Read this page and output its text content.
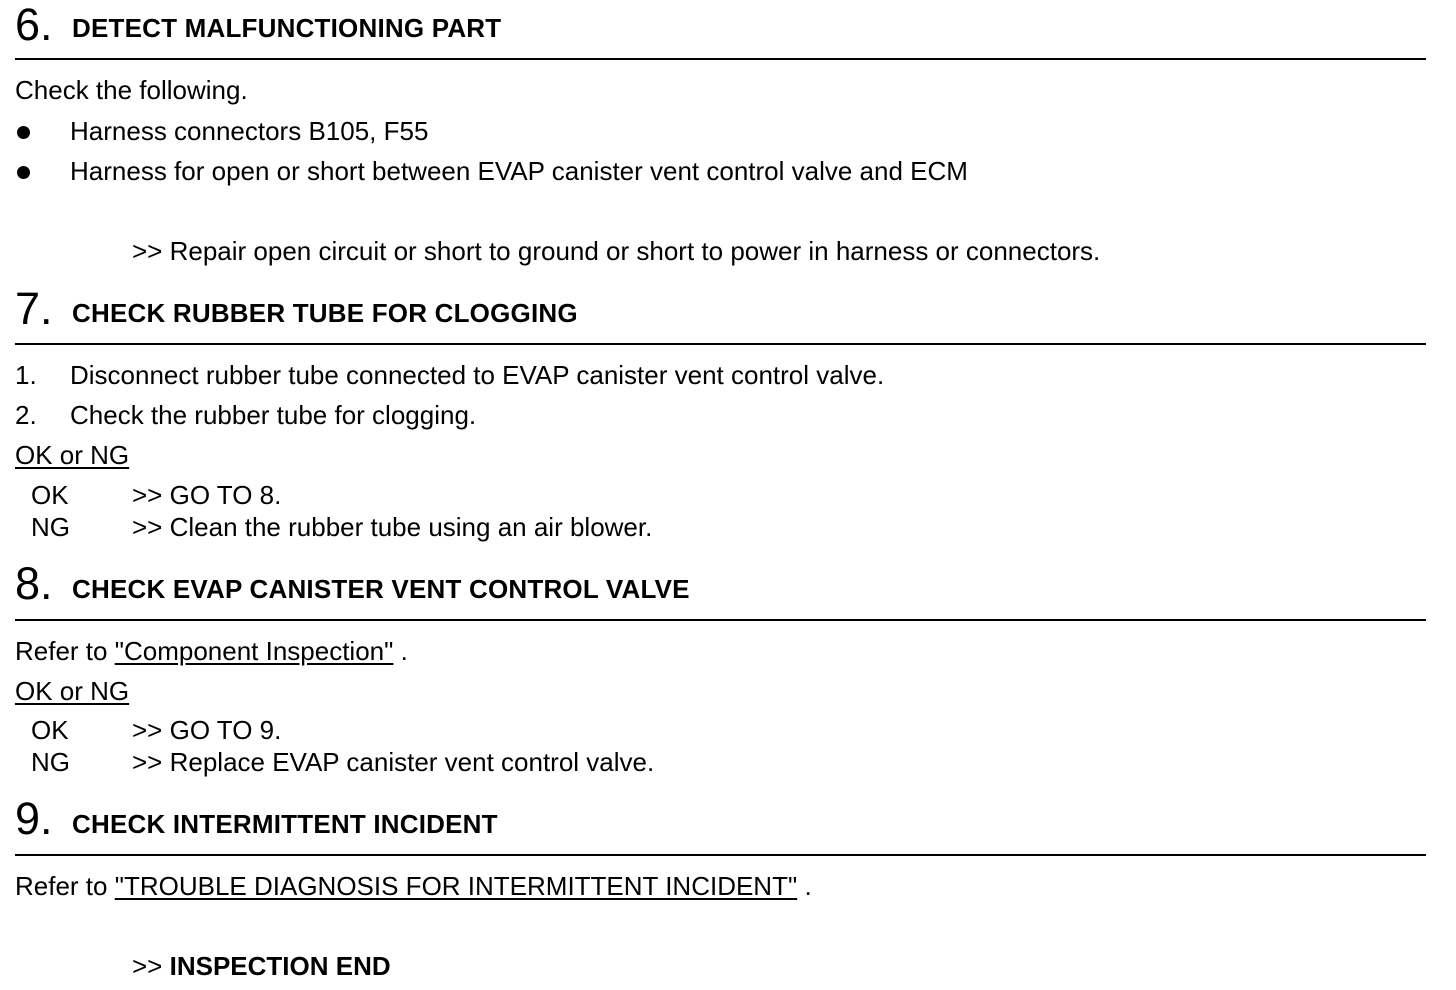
6. DETECT MALFUNCTIONING PART
Check the following.
Harness connectors B105, F55
Harness for open or short between EVAP canister vent control valve and ECM
>> Repair open circuit or short to ground or short to power in harness or connectors.
7. CHECK RUBBER TUBE FOR CLOGGING
1. Disconnect rubber tube connected to EVAP canister vent control valve.
2. Check the rubber tube for clogging.
OK or NG
OK >> GO TO 8.
NG >> Clean the rubber tube using an air blower.
8. CHECK EVAP CANISTER VENT CONTROL VALVE
Refer to "Component Inspection" .
OK or NG
OK >> GO TO 9.
NG >> Replace EVAP canister vent control valve.
9. CHECK INTERMITTENT INCIDENT
Refer to "TROUBLE DIAGNOSIS FOR INTERMITTENT INCIDENT" .
>> INSPECTION END
